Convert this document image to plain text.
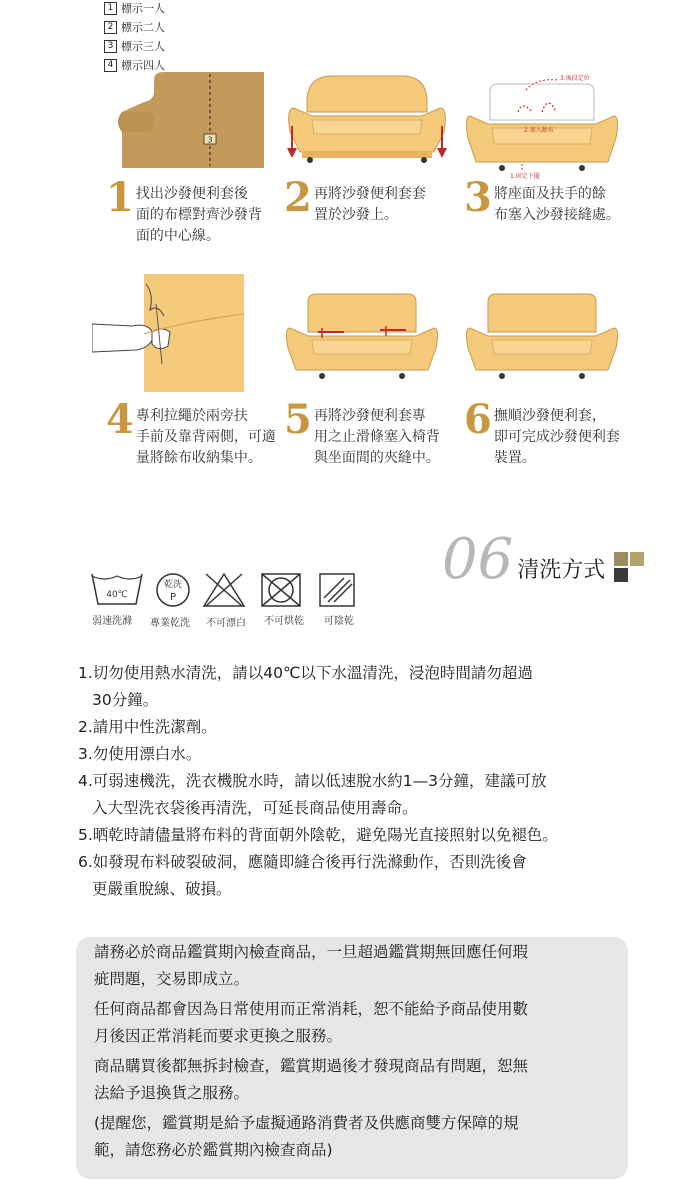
1 標示一人
2 標示二人
3 標示三人
4 標示四人
3
3.後段定位
2.塞入餘布
1.固定下擺
1 找出沙發便利套後
面的布標對齊沙發背
面的中心線。
2 再將沙發便利套套
置於沙發上。	3 將座面及扶手的餘
布塞入沙發接縫處。
4 專利拉繩於兩旁扶
手前及靠背兩側，可適
量將餘布收納集中。
5 再將沙發便利套專
用之止滑條塞入椅背
與坐面間的夾縫中。
6 撫順沙發便利套，
即可完成沙發便利套
裝置。
06 清洗方式
40℃
乾洗
P
弱速洗滌 專業乾洗 不可漂白 不可烘乾 可陰乾

1.切勿使用熱水清洗，請以40℃以下水溫清洗，浸泡時間請勿超過

30分鐘。

2.請用中性洗潔劑。

3.勿使用漂白水。

4.可弱速機洗，洗衣機脫水時，請以低速脫水約1—3分鐘，建議可放

入大型洗衣袋後再清洗，可延長商品使用壽命。

5.晒乾時請儘量將布料的背面朝外陰乾，避免陽光直接照射以免褪色。

6.如發現布料破裂破洞，應隨即縫合後再行洗滌動作，否則洗後會

更嚴重脫線、破損。

請務必於商品鑑賞期內檢查商品，一旦超過鑑賞期無回應任何瑕
疵問題，交易即成立。
任何商品都會因為日常使用而正常消耗，恕不能給予商品使用數
月後因正常消耗而要求更換之服務。
商品購買後都無拆封檢查，鑑賞期過後才發現商品有問題，恕無
法給予退換貨之服務。
(提醒您，鑑賞期是給予虛擬通路消費者及供應商雙方保障的規
範，請您務必於鑑賞期內檢查商品)
